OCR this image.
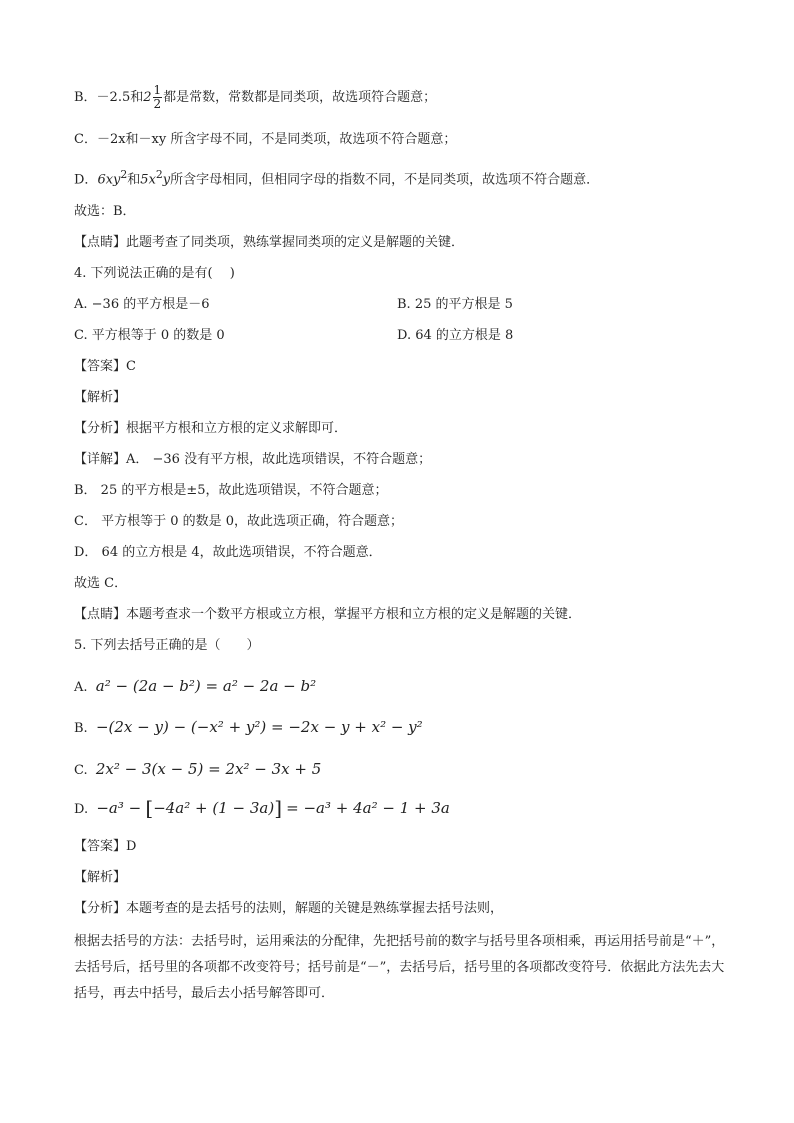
B．－2.5和$2 \frac{1}{2}$ 都是常数，常数都是同类项，故选项符合题意；
C．－2x和－xy 所含字母不同，不是同类项，故选项不符合题意；
D．$6xy^2$和$5x^2y$所含字母相同，但相同字母的指数不同，不是同类项，故选项不符合题意．
故选：B．
【点睛】此题考查了同类项，熟练掌握同类项的定义是解题的关键．
4. 下列说法正确的是有(　 )
A. −36 的平方根是－6	B. 25 的平方根是 5
C. 平方根等于 0 的数是 0	D. 64 的立方根是 8
【答案】C
【解析】
【分析】根据平方根和立方根的定义求解即可．
【详解】A． −36 没有平方根，故此选项错误，不符合题意；
B． 25 的平方根是±5，故此选项错误，不符合题意；
C． 平方根等于 0 的数是 0，故此选项正确，符合题意；
D． 64 的立方根是 4，故此选项错误，不符合题意．
故选 C．
【点睛】本题考查求一个数平方根或立方根，掌握平方根和立方根的定义是解题的关键．
5. 下列去括号正确的是（　　）
A. a² − (2a − b²) = a² − 2a − b²
B. −(2x − y) − (−x² + y²) = −2x − y + x² − y²
C. 2x² − 3(x − 5) = 2x² − 3x + 5
D. −a³ − [−4a² + (1 − 3a)] = −a³ + 4a² − 1 + 3a
【答案】D
【解析】
【分析】本题考查的是去括号的法则，解题的关键是熟练掌握去括号法则，
根据去括号的方法：去括号时，运用乘法的分配律，先把括号前的数字与括号里各项相乘，再运用括号前是“＋”，去括号后，括号里的各项都不改变符号；括号前是“－”，去括号后，括号里的各项都改变符号．依据此方法先去大括号，再去中括号，最后去小括号解答即可．
